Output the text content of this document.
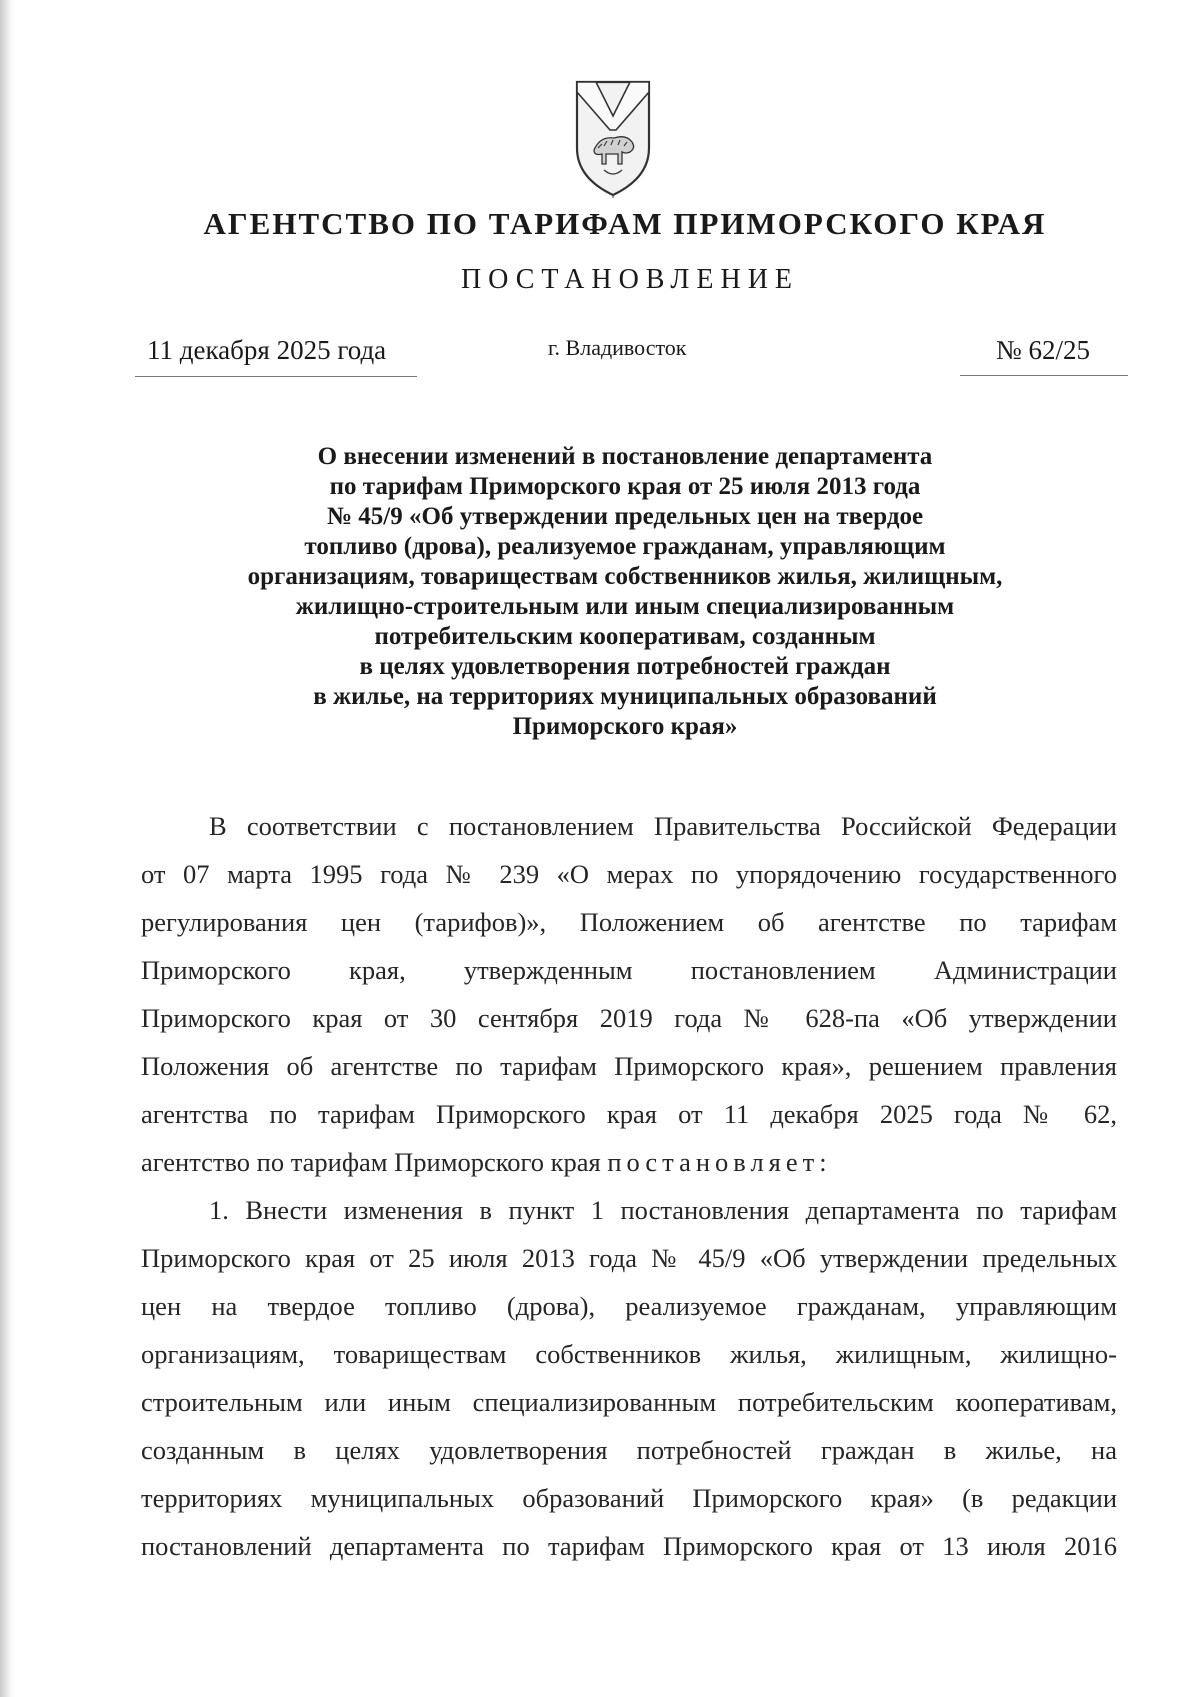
АГЕНТСТВО ПО ТАРИФАМ ПРИМОРСКОГО КРАЯ
ПОСТАНОВЛЕНИЕ
11 декабря 2025 года	г. Владивосток	№ 62/25
О внесении изменений в постановление департамента
по тарифам Приморского края от 25 июля 2013 года
№ 45/9 «Об утверждении предельных цен на твердое
топливо (дрова), реализуемое гражданам, управляющим
организациям, товариществам собственников жилья, жилищным,
жилищно-строительным или иным специализированным
потребительским кооперативам, созданным
в целях удовлетворения потребностей граждан
в жилье, на территориях муниципальных образований
Приморского края»
В соответствии с постановлением Правительства Российской Федерации
от 07 марта 1995 года № 239 «О мерах по упорядочению государственного
регулирования цен (тарифов)», Положением об агентстве по тарифам
Приморского края, утвержденным постановлением Администрации
Приморского края от 30 сентября 2019 года № 628-па «Об утверждении
Положения об агентстве по тарифам Приморского края», решением правления
агентства по тарифам Приморского края от 11 декабря 2025 года № 62,
агентство по тарифам Приморского края постановляет:
1. Внести изменения в пункт 1 постановления департамента по тарифам
Приморского края от 25 июля 2013 года № 45/9 «Об утверждении предельных
цен на твердое топливо (дрова), реализуемое гражданам, управляющим
организациям, товариществам собственников жилья, жилищным, жилищно-
строительным или иным специализированным потребительским кооперативам,
созданным в целях удовлетворения потребностей граждан в жилье, на
территориях муниципальных образований Приморского края» (в редакции
постановлений департамента по тарифам Приморского края от 13 июля 2016
